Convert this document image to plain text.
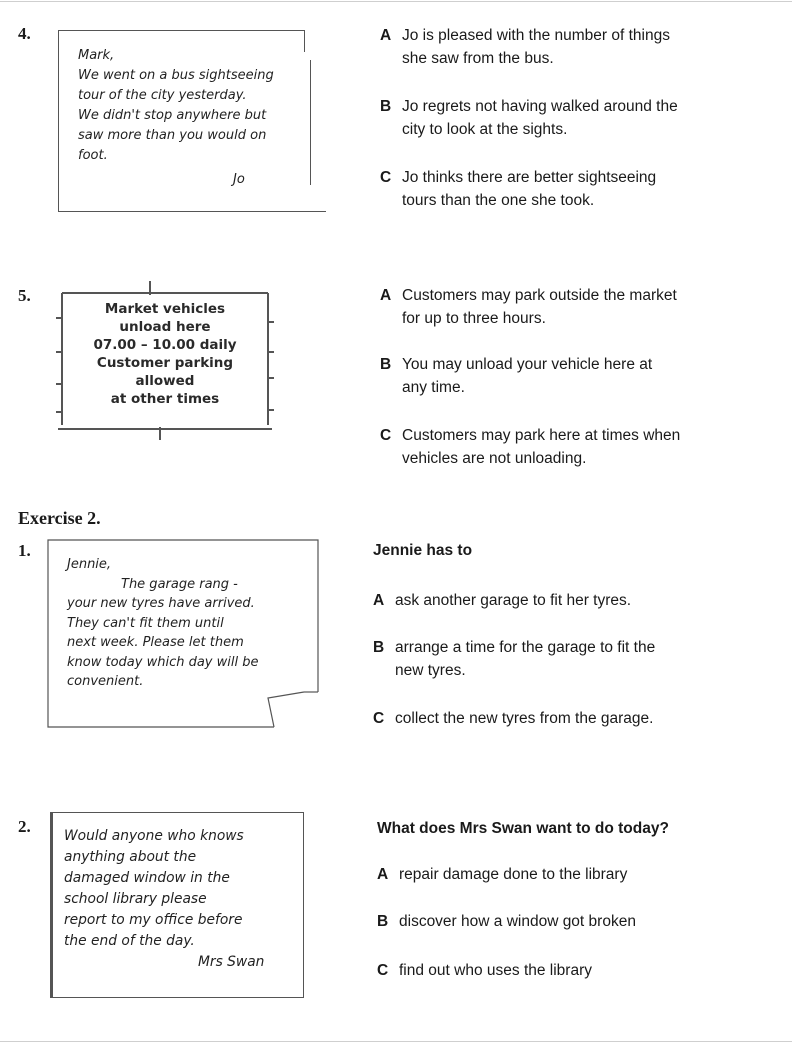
4.
Mark,
We went on a bus sightseeing
tour of the city yesterday.
We didn't stop anywhere but
saw more than you would on
foot.
Jo
A Jo is pleased with the number of things
she saw from the bus.
B Jo regrets not having walked around the
city to look at the sights.
C Jo thinks there are better sightseeing
tours than the one she took.
5.
Market vehicles
unload here
07.00 – 10.00 daily
Customer parking
allowed
at other times
A Customers may park outside the market
for up to three hours.
B You may unload your vehicle here at
any time.
C Customers may park here at times when
vehicles are not unloading.
Exercise 2.
1.
Jennie,
The garage rang -
your new tyres have arrived.
They can't fit them until
next week. Please let them
know today which day will be
convenient.
Jennie has to
A ask another garage to fit her tyres.
B arrange a time for the garage to fit the
new tyres.
C collect the new tyres from the garage.
2. Would anyone who knows
anything about the
damaged window in the
school library please
report to my office before
the end of the day.
Mrs Swan
What does Mrs Swan want to do today?
A repair damage done to the library
B discover how a window got broken
C find out who uses the library
